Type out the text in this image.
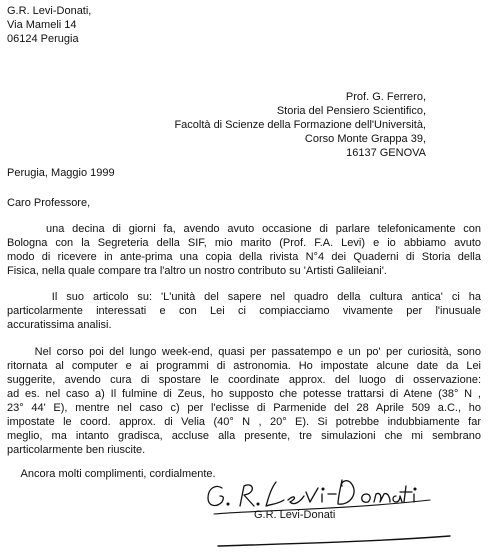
G.R. Levi-Donati,
Via Mameli 14
06124 Perugia
Prof. G. Ferrero,
Storia del Pensiero Scientifico,
Facoltà di Scienze della Formazione dell'Università,
Corso Monte Grappa 39,
16137 GENOVA
Perugia, Maggio 1999
Caro Professore,
una decina di giorni fa, avendo avuto occasione di parlare telefonicamente con
Bologna con la Segreteria della SIF, mio marito (Prof. F.A. Levi) e io abbiamo avuto
modo di ricevere in ante-prima una copia della rivista N°4 dei Quaderni di Storia della
Fisica, nella quale compare tra l'altro un nostro contributo su 'Artisti Galileiani'.
Il suo articolo su: 'L'unità del sapere nel quadro della cultura antica' ci ha
particolarmente interessati e con Lei ci compiacciamo vivamente per l'inusuale
accuratissima analisi.
Nel corso poi del lungo week-end, quasi per passatempo e un po' per curiosità, sono
ritornata al computer e ai programmi di astronomia. Ho impostate alcune date da Lei
suggerite, avendo cura di spostare le coordinate approx. del luogo di osservazione:
ad es. nel caso a) Il fulmine di Zeus, ho supposto che potesse trattarsi di Atene (38° N ,
23° 44' E), mentre nel caso c) per l'eclisse di Parmenide del 28 Aprile 509 a.C., ho
impostate le coord. approx. di Velia (40° N , 20° E). Si potrebbe indubbiamente far
meglio, ma intanto gradisca, accluse alla presente, tre simulazioni che mi sembrano
particolarmente ben riuscite.
Ancora molti complimenti, cordialmente.
G.R. Levi-Donati
